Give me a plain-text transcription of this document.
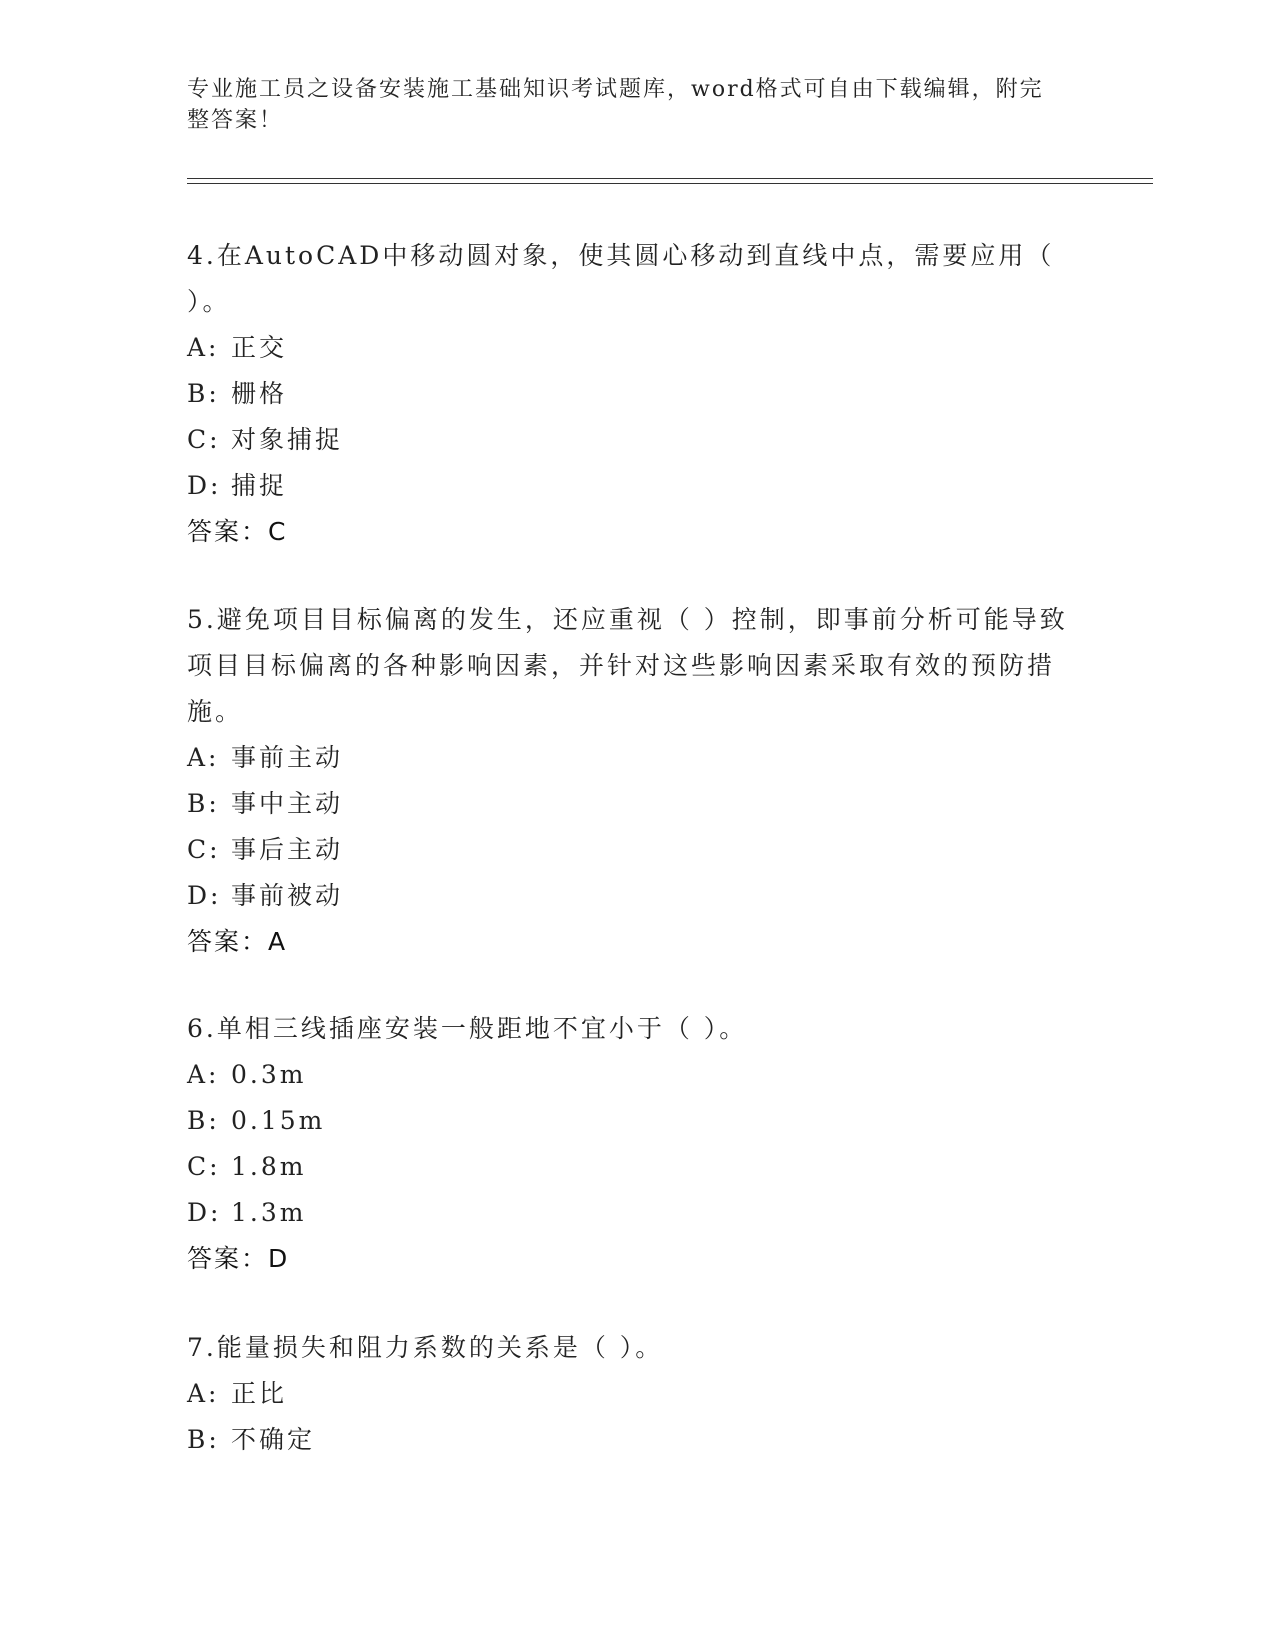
专业施工员之设备安装施工基础知识考试题库，word格式可自由下载编辑，附完整答案！

4.在AutoCAD中移动圆对象，使其圆心移动到直线中点，需要应用（ ）。

A: 正交

B: 栅格

C: 对象捕捉

D: 捕捉

答案：C

5.避免项目目标偏离的发生，还应重视（ ）控制，即事前分析可能导致项目目标偏离的各种影响因素，并针对这些影响因素采取有效的预防措施。

A: 事前主动

B: 事中主动

C: 事后主动

D: 事前被动

答案：A

6.单相三线插座安装一般距地不宜小于（ ）。

A: 0.3m

B: 0.15m

C: 1.8m

D: 1.3m

答案：D

7.能量损失和阻力系数的关系是（ ）。

A: 正比

B: 不确定
